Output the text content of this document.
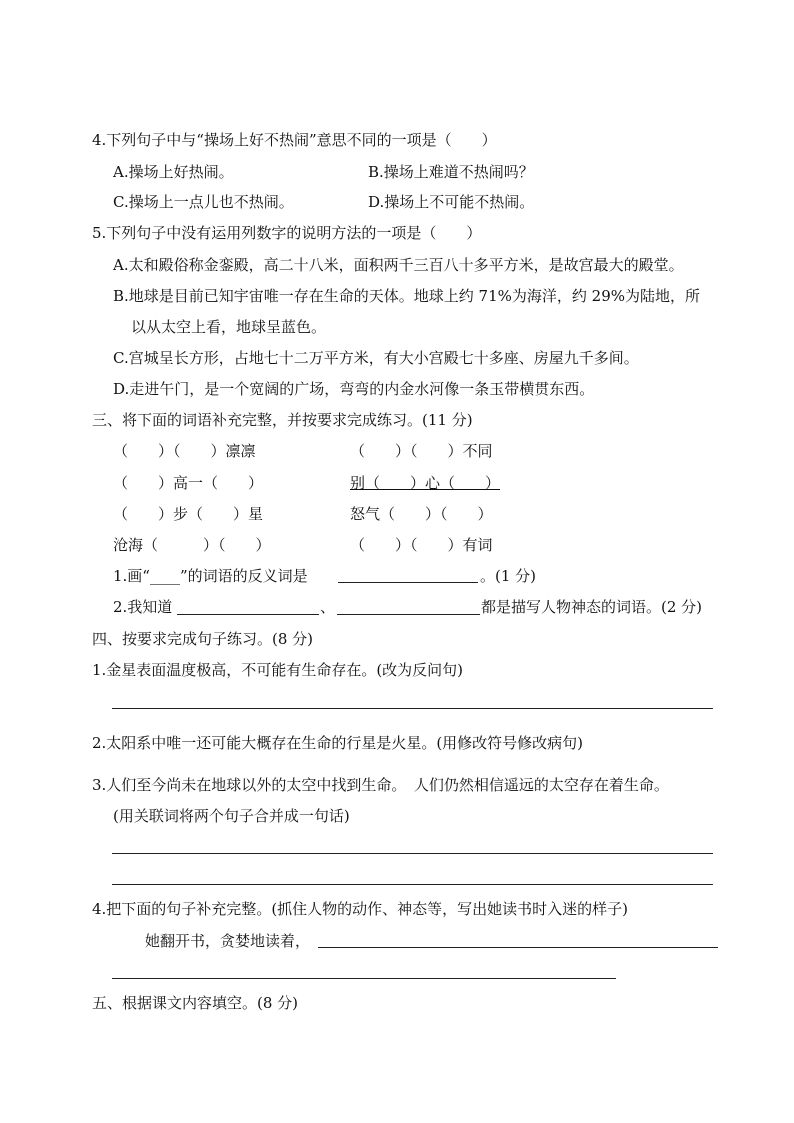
4.下列句子中与“操场上好不热闹”意思不同的一项是（　　）
A.操场上好热闹。	B.操场上难道不热闹吗？
C.操场上一点儿也不热闹。	D.操场上不可能不热闹。
5.下列句子中没有运用列数字的说明方法的一项是（　　）
A.太和殿俗称金銮殿，高二十八米，面积两千三百八十多平方米，是故宫最大的殿堂。
B.地球是目前已知宇宙唯一存在生命的天体。地球上约 71%为海洋，约 29%为陆地，所
以从太空上看，地球呈蓝色。
C.宫城呈长方形，占地七十二万平方米，有大小宫殿七十多座、房屋九千多间。
D.走进午门，是一个宽阔的广场，弯弯的内金水河像一条玉带横贯东西。
三、将下面的词语补充完整，并按要求完成练习。(11 分)
（　　）（　　）凛凛	（　　）（　　）不同
（　　）高一（　　）	别（　　）心（　　）
（　　）步（　　）星	怒气（　　）（　　）
沧海（　　　）（　　）	（　　）（　　）有词
1.画“____”的词语的反义词是	。(1 分)
2.我知道	、	都是描写人物神态的词语。(2 分)
四、按要求完成句子练习。(8 分)
1.金星表面温度极高，不可能有生命存在。(改为反问句)
2.太阳系中唯一还可能大概存在生命的行星是火星。(用修改符号修改病句)
3.人们至今尚未在地球以外的太空中找到生命。　人们仍然相信遥远的太空存在着生命。
(用关联词将两个句子合并成一句话)
4.把下面的句子补充完整。(抓住人物的动作、神态等，写出她读书时入迷的样子)
她翻开书，贪婪地读着，
五、根据课文内容填空。(8 分)
